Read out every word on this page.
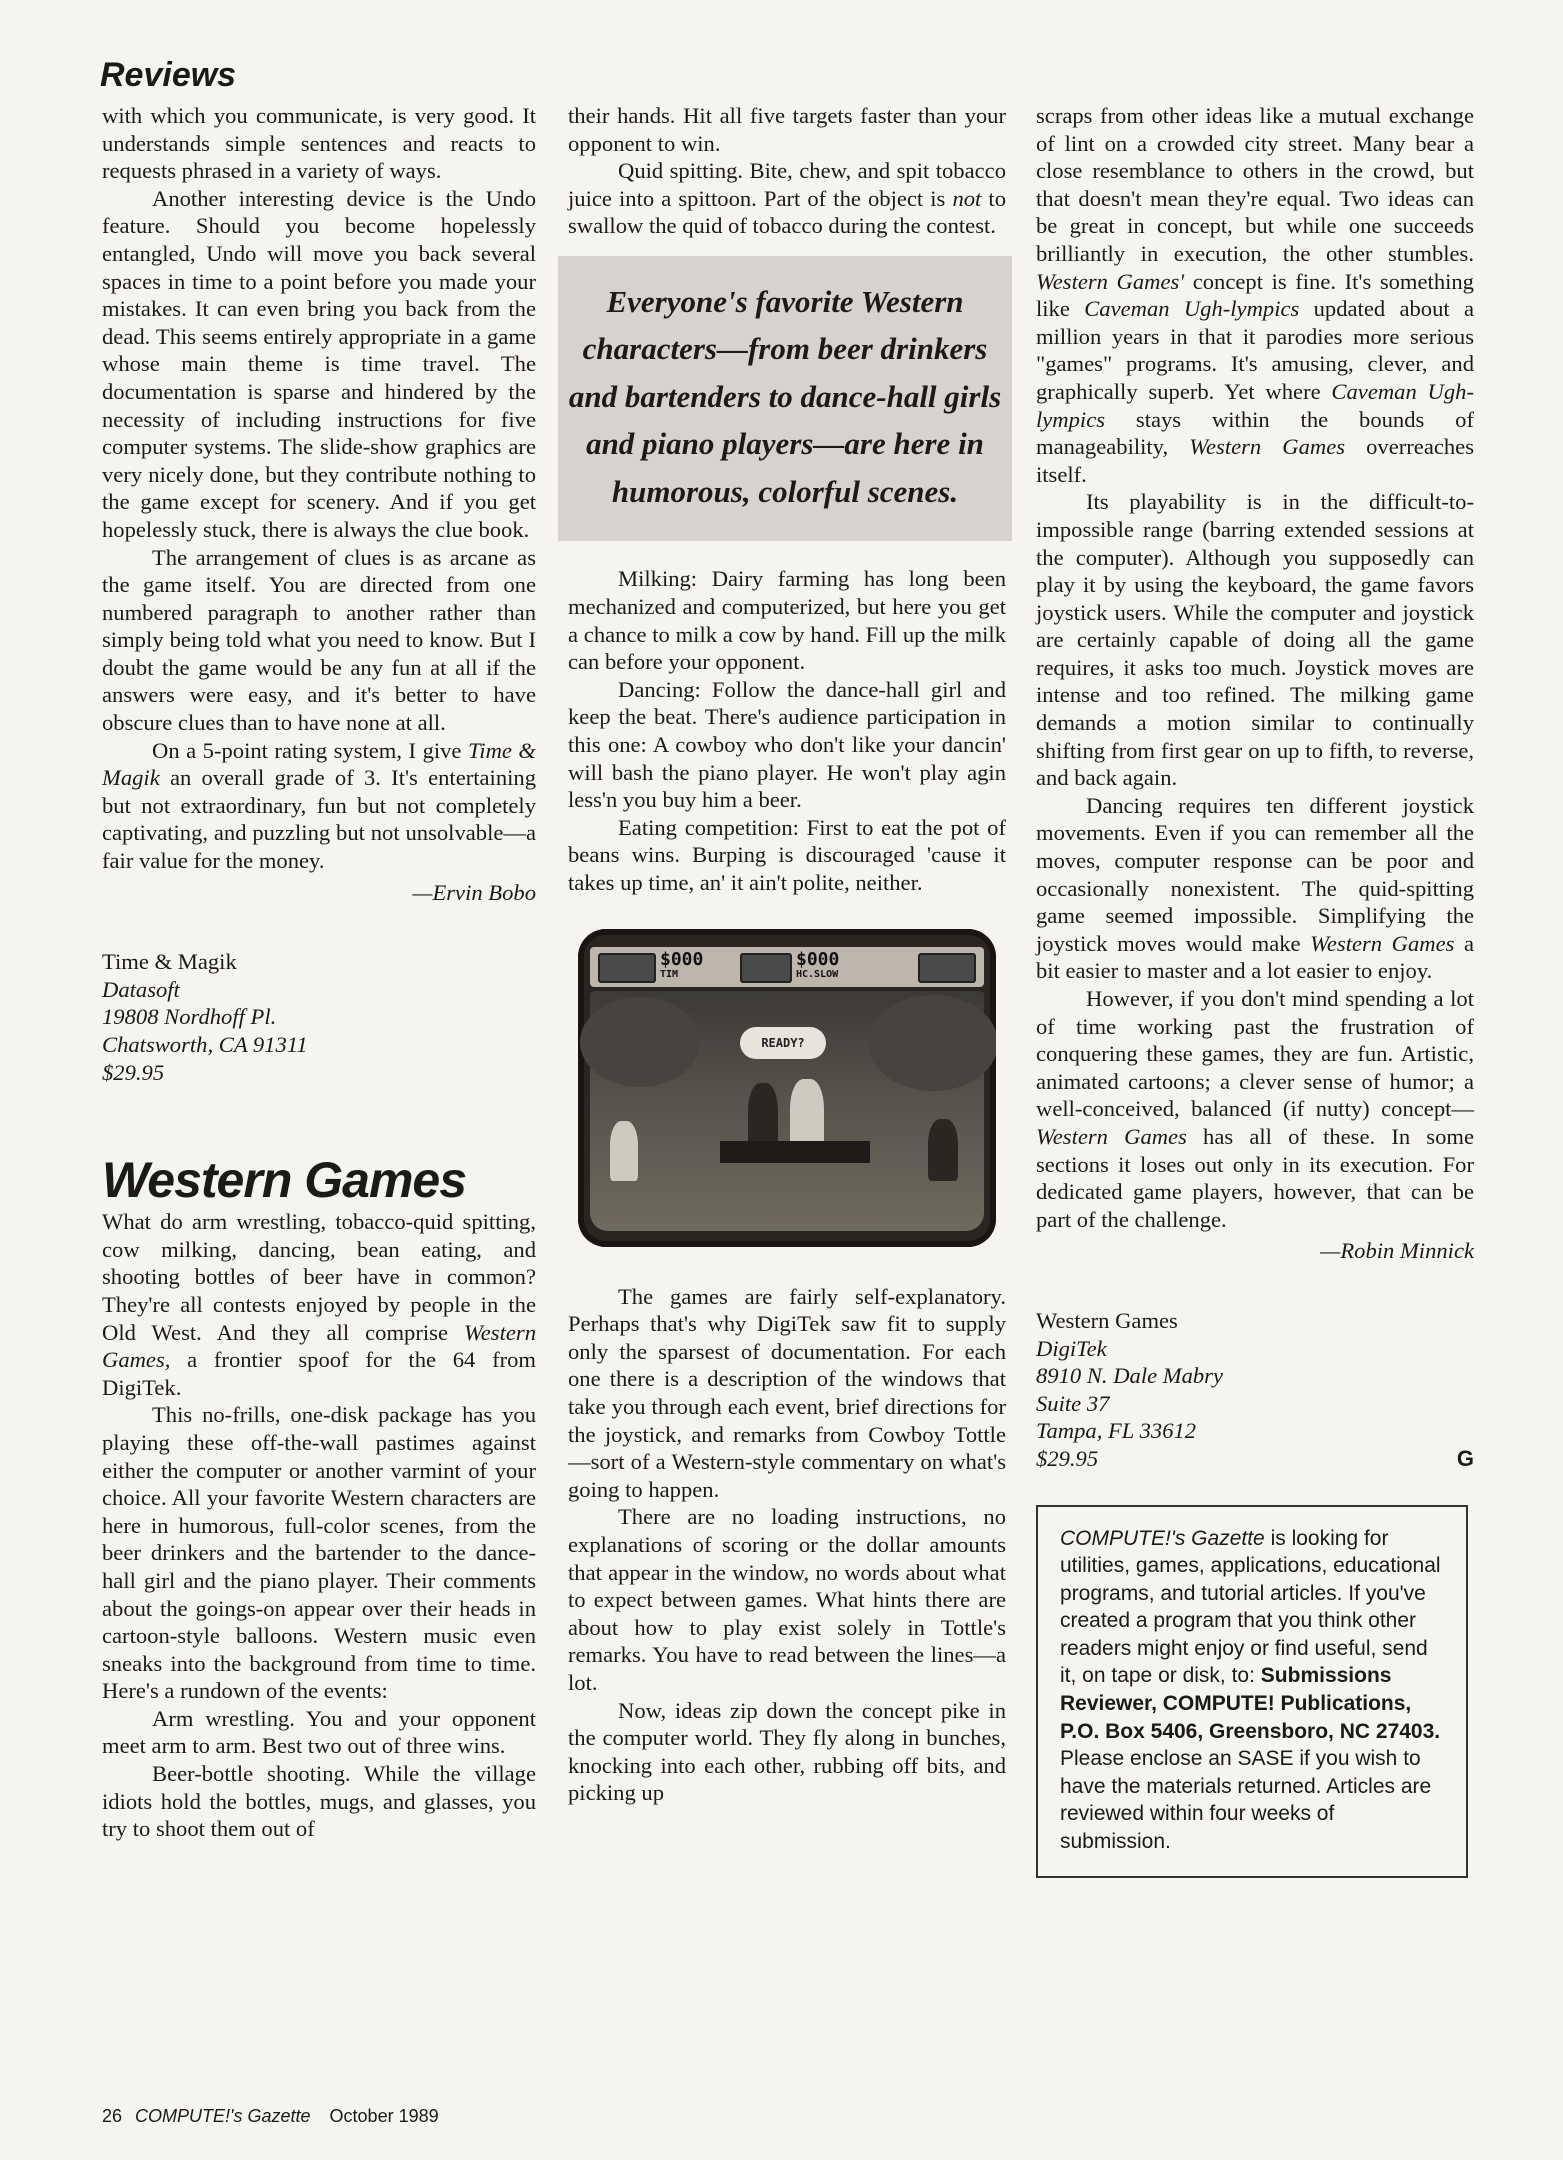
Reviews

with which you communicate, is very good. It understands simple sentences and reacts to requests phrased in a variety of ways.

Another interesting device is the Undo feature. Should you become hopelessly entangled, Undo will move you back several spaces in time to a point before you made your mistakes. It can even bring you back from the dead. This seems entirely appropriate in a game whose main theme is time travel. The documentation is sparse and hindered by the necessity of including instructions for five computer systems. The slide-show graphics are very nicely done, but they contribute nothing to the game except for scenery. And if you get hopelessly stuck, there is always the clue book.

The arrangement of clues is as arcane as the game itself. You are directed from one numbered paragraph to another rather than simply being told what you need to know. But I doubt the game would be any fun at all if the answers were easy, and it's better to have obscure clues than to have none at all.

On a 5-point rating system, I give Time & Magik an overall grade of 3. It's entertaining but not extraordinary, fun but not completely captivating, and puzzling but not unsolvable—a fair value for the money.

—Ervin Bobo

Time & Magik
Datasoft
19808 Nordhoff Pl.
Chatsworth, CA 91311
$29.95
Western Games

What do arm wrestling, tobacco-quid spitting, cow milking, dancing, bean eating, and shooting bottles of beer have in common? They're all contests enjoyed by people in the Old West. And they all comprise Western Games, a frontier spoof for the 64 from DigiTek.

This no-frills, one-disk package has you playing these off-the-wall pastimes against either the computer or another varmint of your choice. All your favorite Western characters are here in humorous, full-color scenes, from the beer drinkers and the bartender to the dance-hall girl and the piano player. Their comments about the goings-on appear over their heads in cartoon-style balloons. Western music even sneaks into the background from time to time. Here's a rundown of the events:

Arm wrestling. You and your opponent meet arm to arm. Best two out of three wins.

Beer-bottle shooting. While the village idiots hold the bottles, mugs, and glasses, you try to shoot them out of

their hands. Hit all five targets faster than your opponent to win.

Quid spitting. Bite, chew, and spit tobacco juice into a spittoon. Part of the object is not to swallow the quid of tobacco during the contest.

Everyone's favorite Western characters—from beer drinkers and bartenders to dance-hall girls and piano players—are here in humorous, colorful scenes.

Milking: Dairy farming has long been mechanized and computerized, but here you get a chance to milk a cow by hand. Fill up the milk can before your opponent.

Dancing: Follow the dance-hall girl and keep the beat. There's audience participation in this one: A cowboy who don't like your dancin' will bash the piano player. He won't play agin less'n you buy him a beer.

Eating competition: First to eat the pot of beans wins. Burping is discouraged 'cause it takes up time, an' it ain't polite, neither.

$000
TIM
$000
HC.SLOW
READY?

The games are fairly self-explanatory. Perhaps that's why DigiTek saw fit to supply only the sparsest of documentation. For each one there is a description of the windows that take you through each event, brief directions for the joystick, and remarks from Cowboy Tottle—sort of a Western-style commentary on what's going to happen.

There are no loading instructions, no explanations of scoring or the dollar amounts that appear in the window, no words about what to expect between games. What hints there are about how to play exist solely in Tottle's remarks. You have to read between the lines—a lot.

Now, ideas zip down the concept pike in the computer world. They fly along in bunches, knocking into each other, rubbing off bits, and picking up

scraps from other ideas like a mutual exchange of lint on a crowded city street. Many bear a close resemblance to others in the crowd, but that doesn't mean they're equal. Two ideas can be great in concept, but while one succeeds brilliantly in execution, the other stumbles. Western Games' concept is fine. It's something like Caveman Ugh-lympics updated about a million years in that it parodies more serious "games" programs. It's amusing, clever, and graphically superb. Yet where Caveman Ugh-lympics stays within the bounds of manageability, Western Games overreaches itself.

Its playability is in the difficult-to-impossible range (barring extended sessions at the computer). Although you supposedly can play it by using the keyboard, the game favors joystick users. While the computer and joystick are certainly capable of doing all the game requires, it asks too much. Joystick moves are intense and too refined. The milking game demands a motion similar to continually shifting from first gear on up to fifth, to reverse, and back again.

Dancing requires ten different joystick movements. Even if you can remember all the moves, computer response can be poor and occasionally nonexistent. The quid-spitting game seemed impossible. Simplifying the joystick moves would make Western Games a bit easier to master and a lot easier to enjoy.

However, if you don't mind spending a lot of time working past the frustration of conquering these games, they are fun. Artistic, animated cartoons; a clever sense of humor; a well-conceived, balanced (if nutty) concept—Western Games has all of these. In some sections it loses out only in its execution. For dedicated game players, however, that can be part of the challenge.

—Robin Minnick

Western Games
DigiTek
8910 N. Dale Mabry
Suite 37
Tampa, FL 33612
$29.95	G
COMPUTE!'s Gazette is looking for utilities, games, applications, educational programs, and tutorial articles. If you've created a program that you think other readers might enjoy or find useful, send it, on tape or disk, to: Submissions Reviewer, COMPUTE! Publications, P.O. Box 5406, Greensboro, NC 27403. Please enclose an SASE if you wish to have the materials returned. Articles are reviewed within four weeks of submission.
26 COMPUTE!'s Gazette October 1989
